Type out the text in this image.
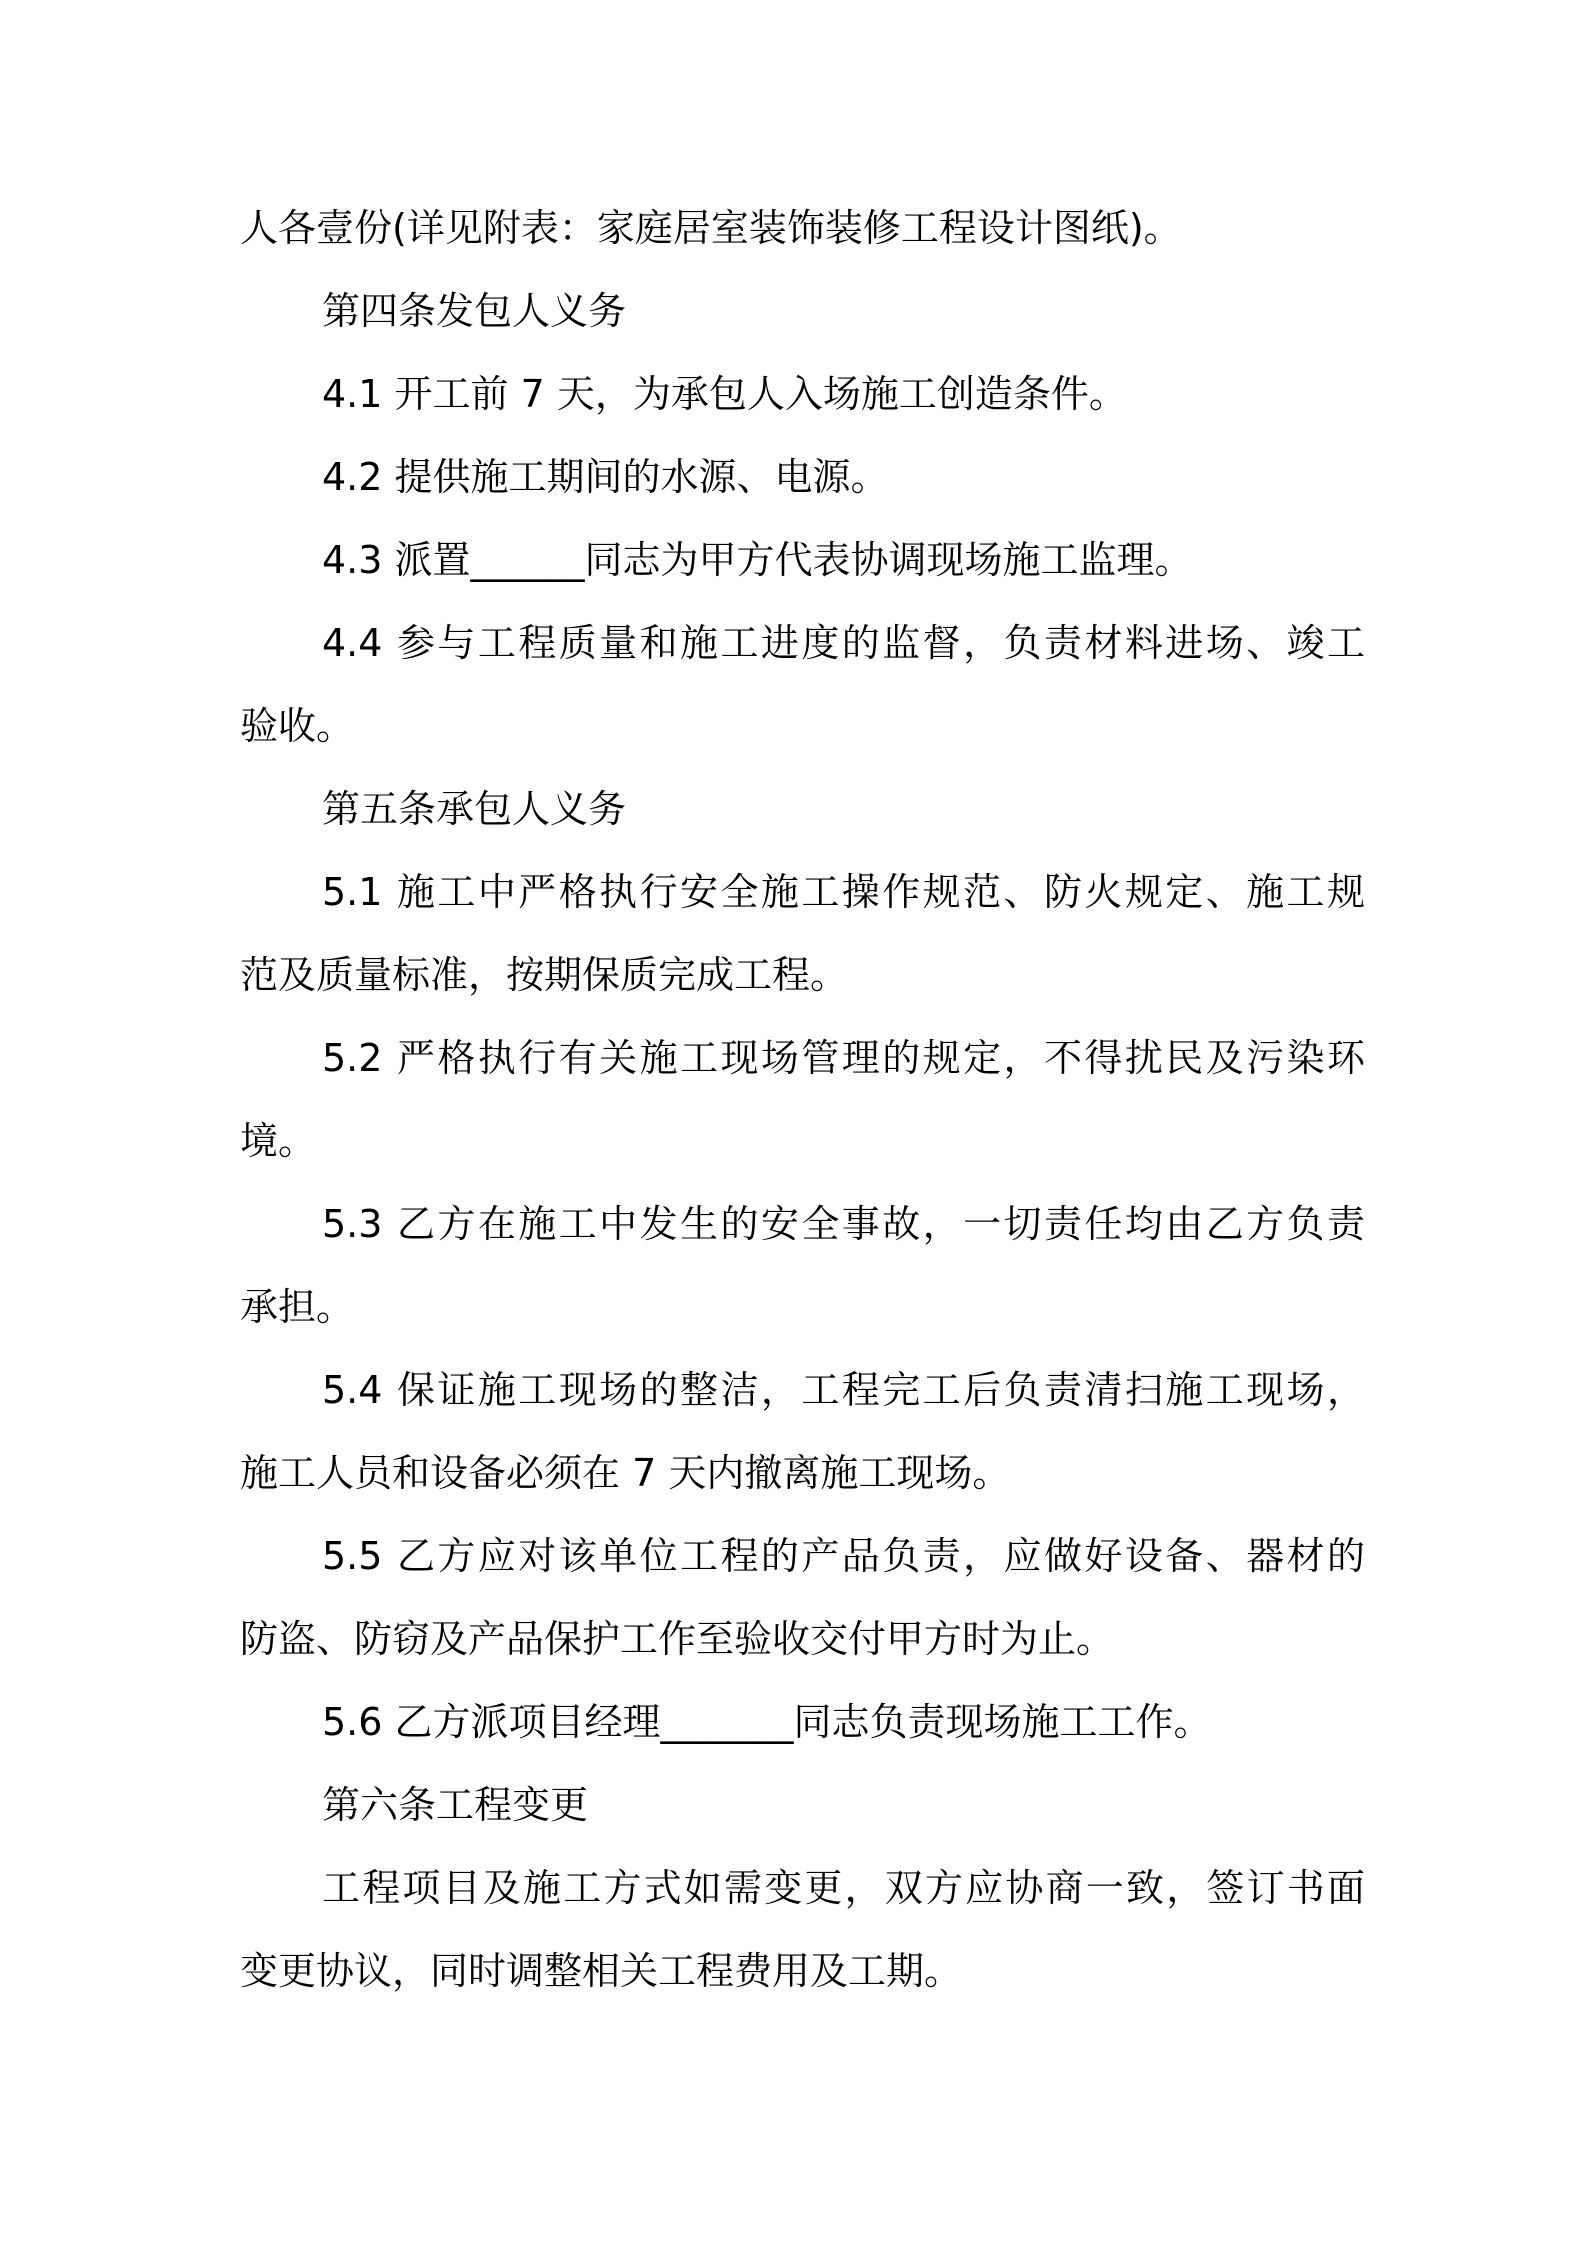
人各壹份(详见附表：家庭居室装饰装修工程设计图纸)。

第四条发包人义务

4.1 开工前 7 天，为承包人入场施工创造条件。

4.2 提供施工期间的水源、电源。

4.3 派置______同志为甲方代表协调现场施工监理。

4.4 参与工程质量和施工进度的监督，负责材料进场、竣工

验收。

第五条承包人义务

5.1 施工中严格执行安全施工操作规范、防火规定、施工规

范及质量标准，按期保质完成工程。

5.2 严格执行有关施工现场管理的规定，不得扰民及污染环

境。

5.3 乙方在施工中发生的安全事故，一切责任均由乙方负责

承担。

5.4 保证施工现场的整洁，工程完工后负责清扫施工现场，

施工人员和设备必须在 7 天内撤离施工现场。

5.5 乙方应对该单位工程的产品负责，应做好设备、器材的

防盗、防窃及产品保护工作至验收交付甲方时为止。

5.6 乙方派项目经理_______同志负责现场施工工作。

第六条工程变更

工程项目及施工方式如需变更，双方应协商一致，签订书面

变更协议，同时调整相关工程费用及工期。
